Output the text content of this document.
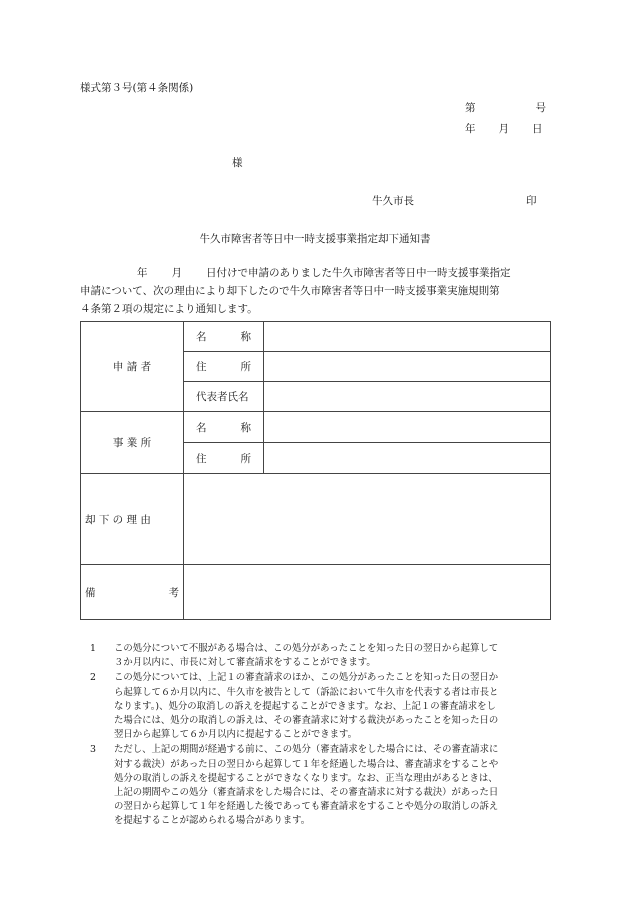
様式第３号(第４条関係)
第	号
年 月 日
様
牛久市長	印
牛久市障害者等日中一時支援事業指定却下通知書
年 月 日付けで申請のありました牛久市障害者等日中一時支援事業指定
申請について、次の理由により却下したので牛久市障害者等日中一時支援事業実施規則第
４条第２項の規定により通知します。
申 請 者	名 称	

	住 所	

	代表者氏名	
事 業 所	名 称	

	住 所	

却 下 の 理 由		

備 考		

1	この処分について不服がある場合は、この処分があったことを知った日の翌日から起算して
３か月以内に、市長に対して審査請求をすることができます。
2	この処分については、上記１の審査請求のほか、この処分があったことを知った日の翌日か
ら起算して６か月以内に、牛久市を被告として（訴訟において牛久市を代表する者は市長と
なります。)、処分の取消しの訴えを提起することができます。なお、上記１の審査請求をし
た場合には、処分の取消しの訴えは、その審査請求に対する裁決があったことを知った日の
翌日から起算して６か月以内に提起することができます。
3	ただし、上記の期間が経過する前に、この処分（審査請求をした場合には、その審査請求に
対する裁決）があった日の翌日から起算して１年を経過した場合は、審査請求をすることや
処分の取消しの訴えを提起することができなくなります。なお、正当な理由があるときは、
上記の期間やこの処分（審査請求をした場合には、その審査請求に対する裁決）があった日
の翌日から起算して１年を経過した後であっても審査請求をすることや処分の取消しの訴え
を提起することが認められる場合があります。
